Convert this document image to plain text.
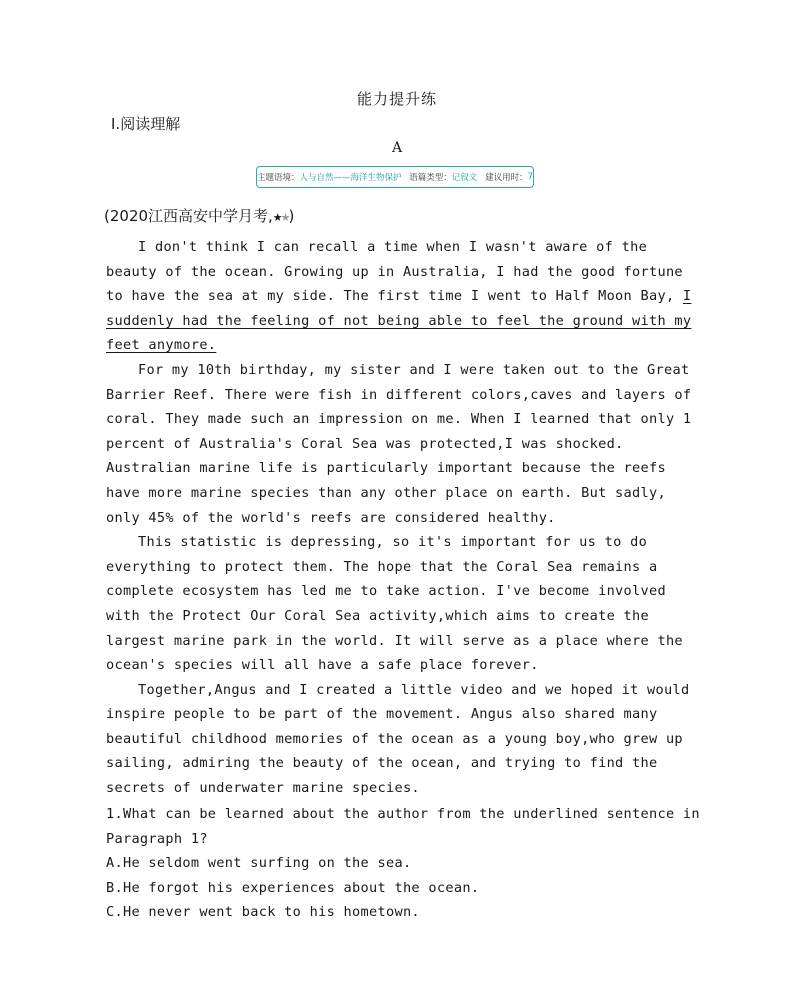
能力提升练
Ⅰ.阅读理解
A
主题语境： 人与自然——海洋生物保护 语篇类型： 记叙文 建议用时： 7
(2020江西高安中学月考,★★)

I don't think I can recall a time when I wasn't aware of the beauty of the ocean. Growing up in Australia, I had the good fortune to have the sea at my side. The first time I went to Half Moon Bay, I suddenly had the feeling of not being able to feel the ground with my feet anymore.

For my 10th birthday, my sister and I were taken out to the Great Barrier Reef. There were fish in different colors,caves and layers of coral. They made such an impression on me. When I learned that only 1 percent of Australia's Coral Sea was protected,I was shocked. Australian marine life is particularly important because the reefs have more marine species than any other place on earth. But sadly, only 45% of the world's reefs are considered healthy.

This statistic is depressing, so it's important for us to do everything to protect them. The hope that the Coral Sea remains a complete ecosystem has led me to take action. I've become involved with the Protect Our Coral Sea activity,which aims to create the largest marine park in the world. It will serve as a place where the ocean's species will all have a safe place forever.

Together,Angus and I created a little video and we hoped it would inspire people to be part of the movement. Angus also shared many beautiful childhood memories of the ocean as a young boy,who grew up sailing, admiring the beauty of the ocean, and trying to find the secrets of underwater marine species.

1.What can be learned about the author from the underlined sentence in Paragraph 1?

A.He seldom went surfing on the sea.

B.He forgot his experiences about the ocean.

C.He never went back to his hometown.
